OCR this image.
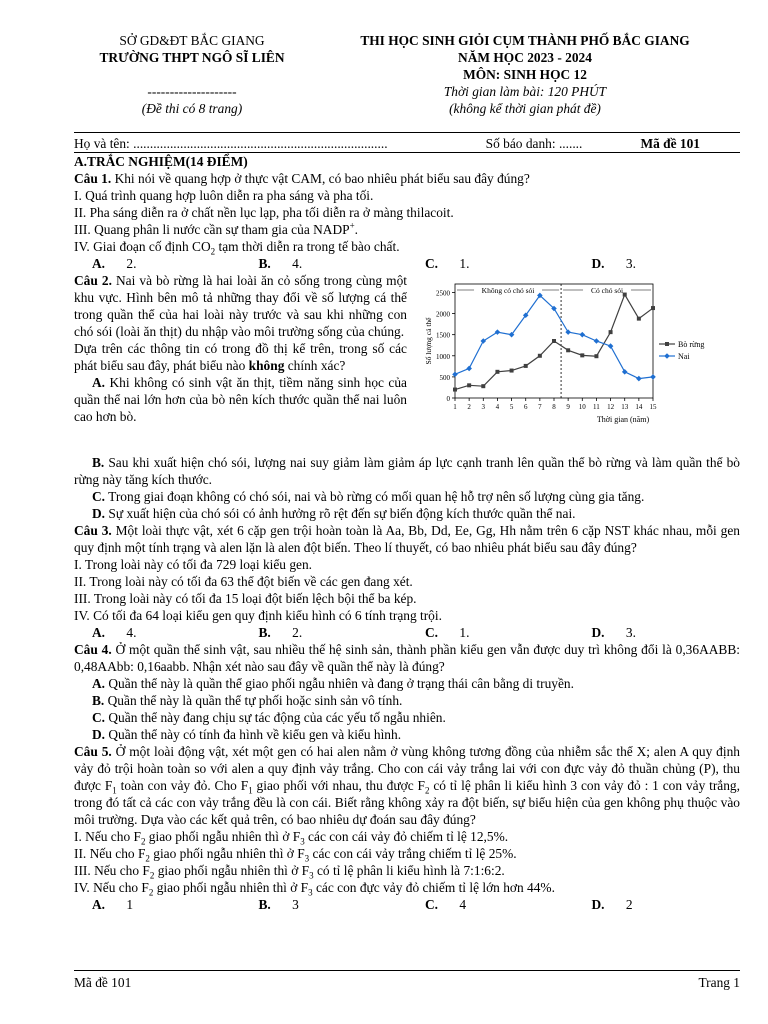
SỞ GD&ĐT BẮC GIANG
TRƯỜNG THPT NGÔ SĨ LIÊN
--------------------
(Đề thi có 8 trang)
THI HỌC SINH GIỎI CỤM THÀNH PHỐ BẮC GIANG
NĂM HỌC 2023 - 2024
MÔN: SINH HỌC 12
Thời gian làm bài: 120 PHÚT
(không kể thời gian phát đề)
Họ và tên: ............................................................................	Số báo danh: .......	Mã đề 101

A.TRẮC NGHIỆM(14 ĐIỂM)

Câu 1. Khi nói về quang hợp ở thực vật CAM, có bao nhiêu phát biểu sau đây đúng?

I. Quá trình quang hợp luôn diễn ra pha sáng và pha tối.

II. Pha sáng diễn ra ở chất nền lục lạp, pha tối diễn ra ở màng thilacoit.

III. Quang phân li nước cần sự tham gia của NADP+.

IV. Giai đoạn cố định $CO_2$ tạm thời diễn ra trong tế bào chất.

A. 2.	B. 4.	C. 1.	D. 3.

Câu 2. Nai và bò rừng là hai loài ăn cỏ sống trong cùng một khu vực. Hình bên mô tả những thay đổi về số lượng cá thể trong quần thể của hai loài này trước và sau khi những con chó sói (loài ăn thịt) du nhập vào môi trường sống của chúng.

Dựa trên các thông tin có trong đồ thị kể trên, trong số các phát biểu sau đây, phát biểu nào không chính xác?

A. Khi không có sinh vật ăn thịt, tiềm năng sinh học của quần thể nai lớn hơn của bò nên kích thước quần thể nai luôn cao hơn bò.

0
500
1000
1500
2000
2500
1 2 3 4 5 6 7 8 9 10 11 12 13 14 15
Không có chó sói	Có chó sói
Bò rừng
Nai
Số lượng cá thể
Thời gian (năm)

B. Sau khi xuất hiện chó sói, lượng nai suy giảm làm giảm áp lực cạnh tranh lên quần thể bò rừng và làm quần thể bò rừng này tăng kích thước.

C. Trong giai đoạn không có chó sói, nai và bò rừng có mối quan hệ hỗ trợ nên số lượng cùng gia tăng.

D. Sự xuất hiện của chó sói có ảnh hưởng rõ rệt đến sự biến động kích thước quần thể nai.

Câu 3. Một loài thực vật, xét 6 cặp gen trội hoàn toàn là Aa, Bb, Dd, Ee, Gg, Hh nằm trên 6 cặp NST khác nhau, mỗi gen quy định một tính trạng và alen lặn là alen đột biến. Theo lí thuyết, có bao nhiêu phát biểu sau đây đúng?

I. Trong loài này có tối đa 729 loại kiểu gen.

II. Trong loài này có tối đa 63 thể đột biến về các gen đang xét.

III. Trong loài này có tối đa 15 loại đột biến lệch bội thể ba kép.

IV. Có tối đa 64 loại kiểu gen quy định kiểu hình có 6 tính trạng trội.

A. 4.	B. 2.	C. 1.	D. 3.

Câu 4. Ở một quần thể sinh vật, sau nhiều thế hệ sinh sản, thành phần kiểu gen vẫn được duy trì không đổi là 0,36AABB: 0,48AAbb: 0,16aabb. Nhận xét nào sau đây về quần thể này là đúng?

A. Quần thể này là quần thể giao phối ngẫu nhiên và đang ở trạng thái cân bằng di truyền.

B. Quần thể này là quần thể tự phối hoặc sinh sản vô tính.

C. Quần thể này đang chịu sự tác động của các yếu tố ngẫu nhiên.

D. Quần thể này có tính đa hình về kiểu gen và kiểu hình.

Câu 5. Ở một loài động vật, xét một gen có hai alen nằm ở vùng không tương đồng của nhiễm sắc thể X; alen A quy định vảy đỏ trội hoàn toàn so với alen a quy định vảy trắng. Cho con cái vảy trắng lai với con đực vảy đỏ thuần chủng (P), thu được $F_1$ toàn con vảy đỏ. Cho $F_1$ giao phối với nhau, thu được $F_2$ có tỉ lệ phân li kiểu hình 3 con vảy đỏ : 1 con vảy trắng, trong đó tất cả các con vảy trắng đều là con cái. Biết rằng không xảy ra đột biến, sự biểu hiện của gen không phụ thuộc vào môi trường. Dựa vào các kết quả trên, có bao nhiêu dự đoán sau đây đúng?

I. Nếu cho $F_2$ giao phối ngẫu nhiên thì ở $F_3$ các con cái vảy đỏ chiếm tỉ lệ 12,5%.

II. Nếu cho $F_2$ giao phối ngẫu nhiên thì ở $F_3$ các con cái vảy trắng chiếm tỉ lệ 25%.

III. Nếu cho $F_2$ giao phối ngẫu nhiên thì ở $F_3$ có tỉ lệ phân li kiểu hình là 7:1:6:2.

IV. Nếu cho $F_2$ giao phối ngẫu nhiên thì ở $F_3$ các con đực vảy đỏ chiếm tỉ lệ lớn hơn 44%.

A. 1	B. 3	C. 4	D. 2
Mã đề 101	Trang 1
